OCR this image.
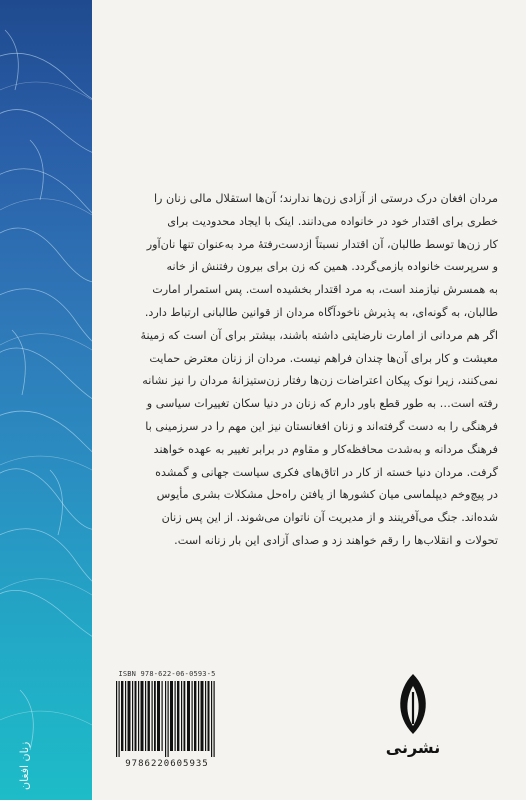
زنان افغان

مردان افغان درک درستی از آزادی زن‌ها ندارند؛ آن‌ها استقلال مالی زنان را

خطری برای اقتدار خود در خانواده می‌دانند. اینک با ایجاد محدودیت برای

کار زن‌ها توسط طالبان، آن اقتدار نسبتاً ازدست‌رفتهٔ مرد به‌عنوان تنها نان‌آور

و سرپرست خانواده بازمی‌گردد. همین که زن برای بیرون رفتنش از خانه

به همسرش نیازمند است، به مرد اقتدار بخشیده است. پس استمرار امارت

طالبان، به گونه‌ای، به پذیرش ناخودآگاه مردان از قوانین طالبانی ارتباط دارد.

اگر هم مردانی از امارت نارضایتی داشته باشند، بیشتر برای آن است که زمینهٔ

معیشت و کار برای آن‌ها چندان فراهم نیست. مردان از زنان معترض حمایت

نمی‌کنند، زیرا نوک پیکان اعتراضات زن‌ها رفتار زن‌ستیزانهٔ مردان را نیز نشانه

رفته است… به طور قطع باور دارم که زنان در دنیا سکان تغییرات سیاسی و

فرهنگی را به دست گرفته‌اند و زنان افغانستان نیز این مهم را در سرزمینی با

فرهنگ مردانه و به‌شدت محافظه‌کار و مقاوم در برابر تغییر به عهده خواهند

گرفت. مردان دنیا خسته از کار در اتاق‌های فکری سیاست جهانی و گمشده

در پیچ‌وخم دیپلماسی میان کشورها از یافتن راه‌حل مشکلات بشری مأیوس

شده‌اند. جنگ می‌آفرینند و از مدیریت آن ناتوان می‌شوند. از این پس زنان

تحولات و انقلاب‌ها را رقم خواهند زد و صدای آزادی این بار زنانه است.

ISBN 978-622-06-0593-5
9786220605935
نشرنی
